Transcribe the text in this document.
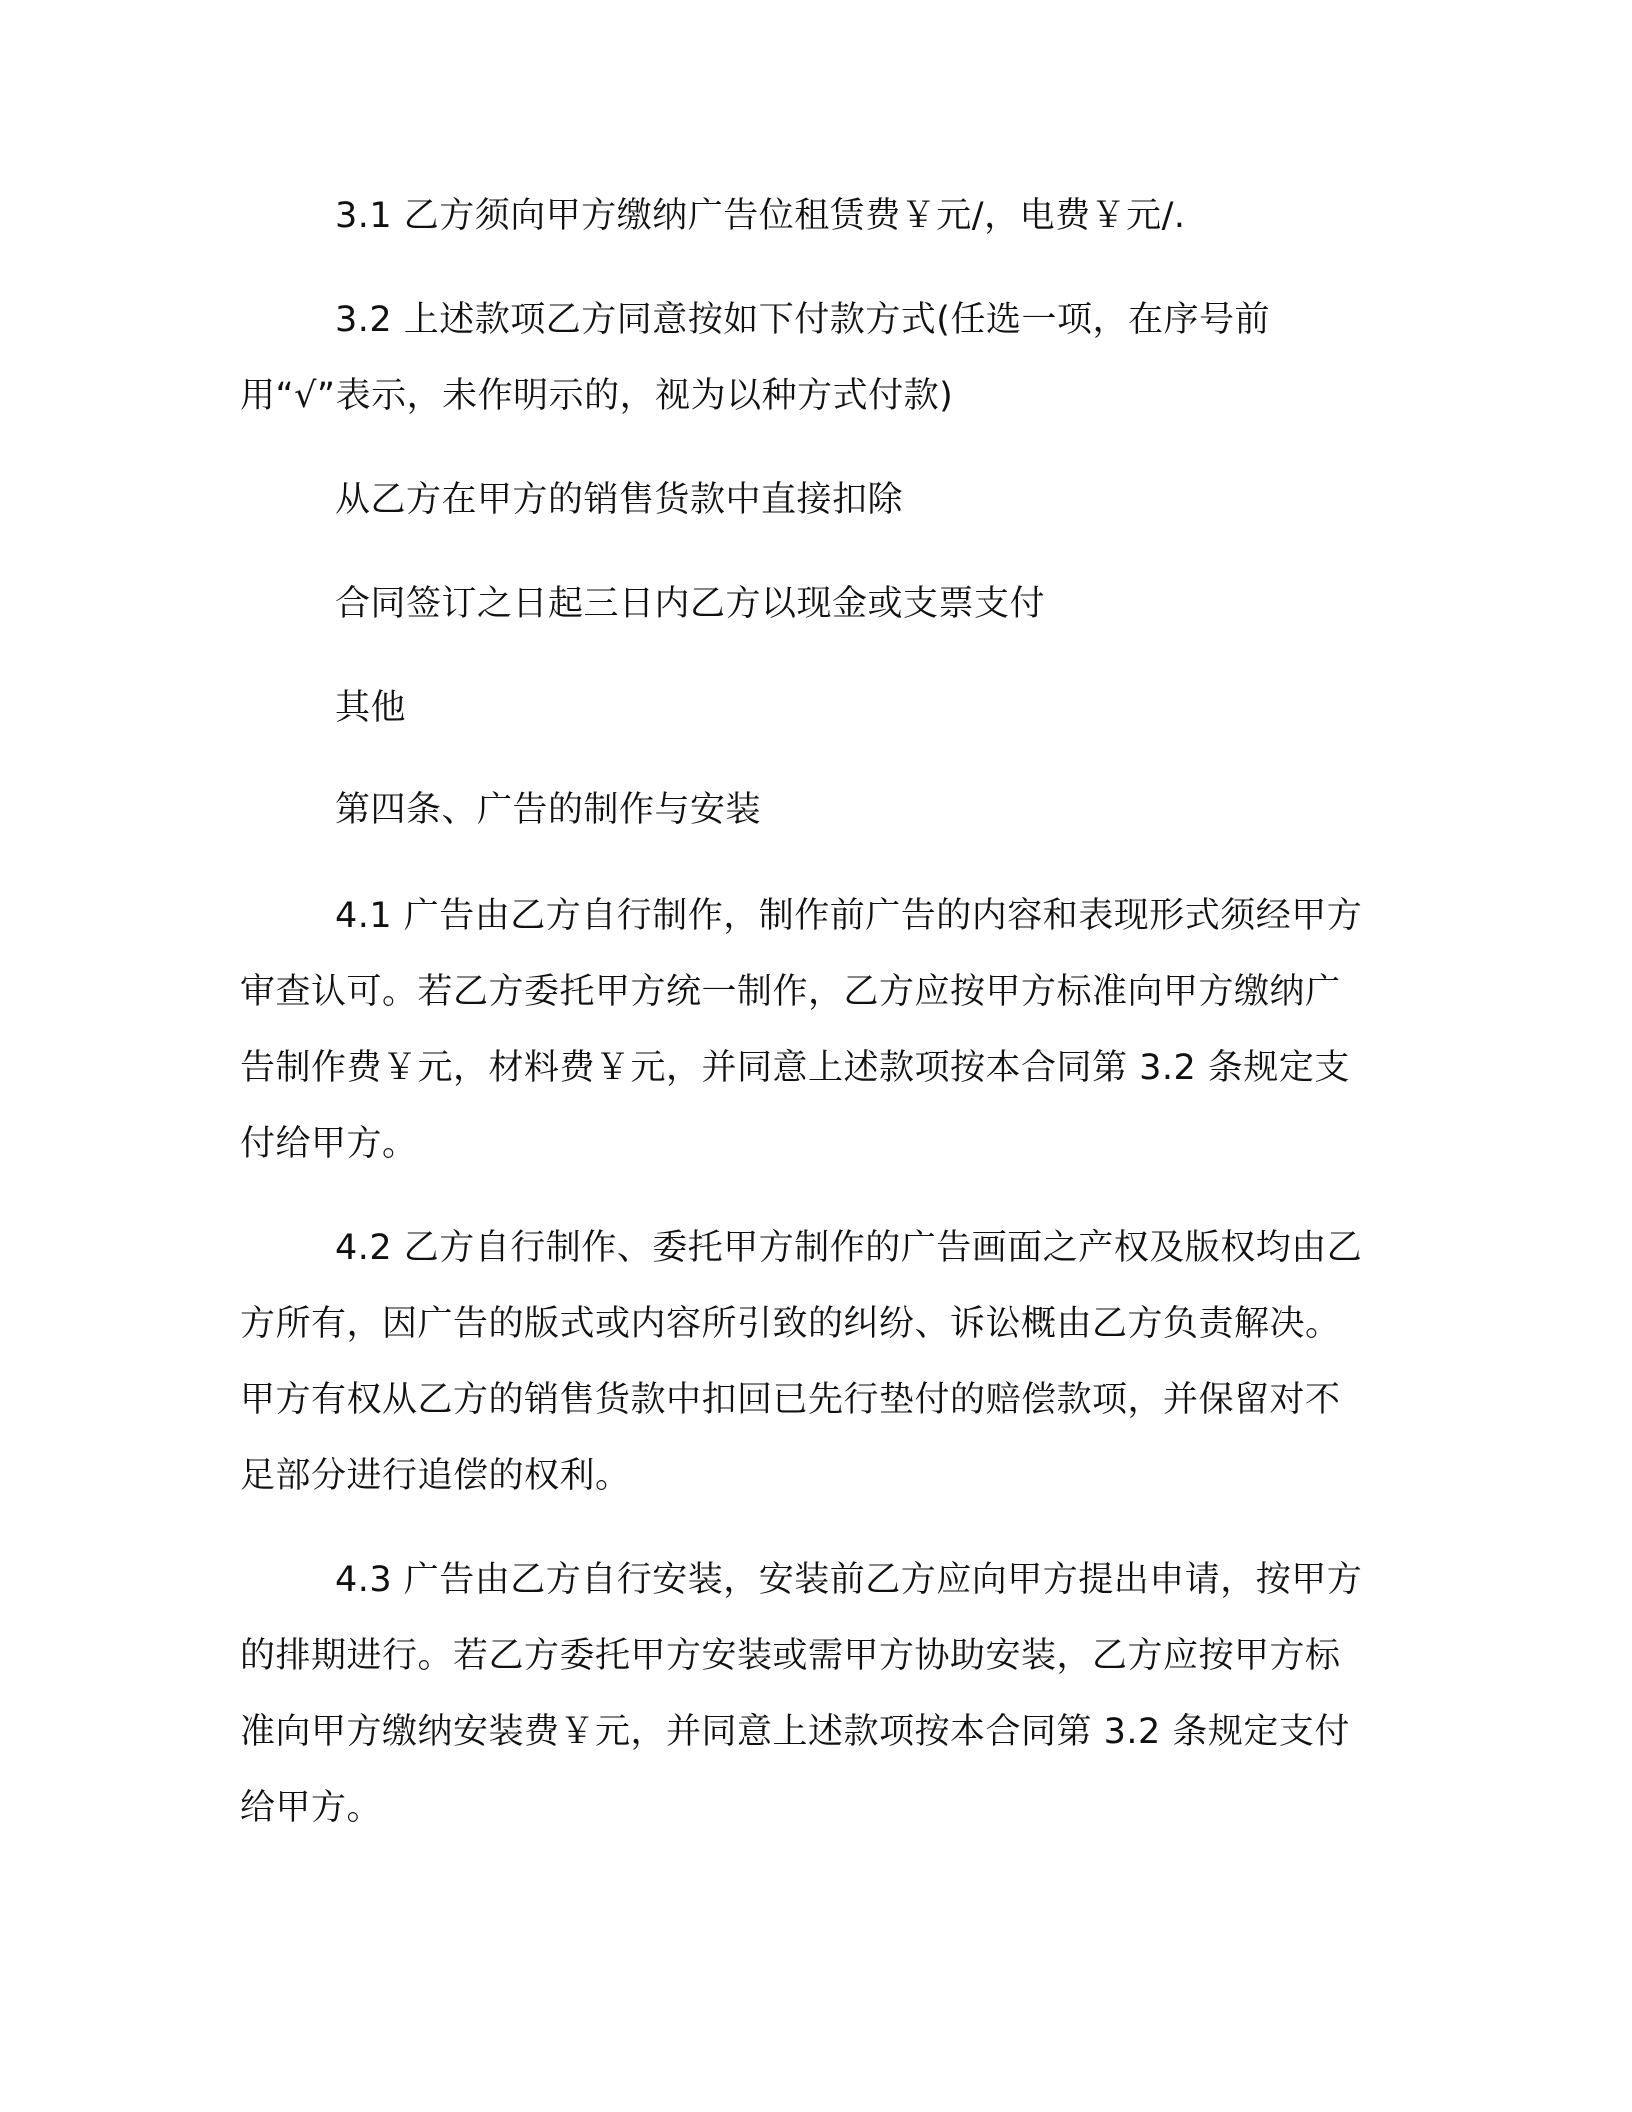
3.1 乙方须向甲方缴纳广告位租赁费￥元/，电费￥元/.

3.2 上述款项乙方同意按如下付款方式(任选一项，在序号前用“√”表示，未作明示的，视为以种方式付款)

从乙方在甲方的销售货款中直接扣除

合同签订之日起三日内乙方以现金或支票支付

其他

第四条、广告的制作与安装

4.1 广告由乙方自行制作，制作前广告的内容和表现形式须经甲方审查认可。若乙方委托甲方统一制作，乙方应按甲方标准向甲方缴纳广告制作费￥元，材料费￥元，并同意上述款项按本合同第 3.2 条规定支付给甲方。

4.2 乙方自行制作、委托甲方制作的广告画面之产权及版权均由乙方所有，因广告的版式或内容所引致的纠纷、诉讼概由乙方负责解决。甲方有权从乙方的销售货款中扣回已先行垫付的赔偿款项，并保留对不足部分进行追偿的权利。

4.3 广告由乙方自行安装，安装前乙方应向甲方提出申请，按甲方的排期进行。若乙方委托甲方安装或需甲方协助安装，乙方应按甲方标准向甲方缴纳安装费￥元，并同意上述款项按本合同第 3.2 条规定支付给甲方。
